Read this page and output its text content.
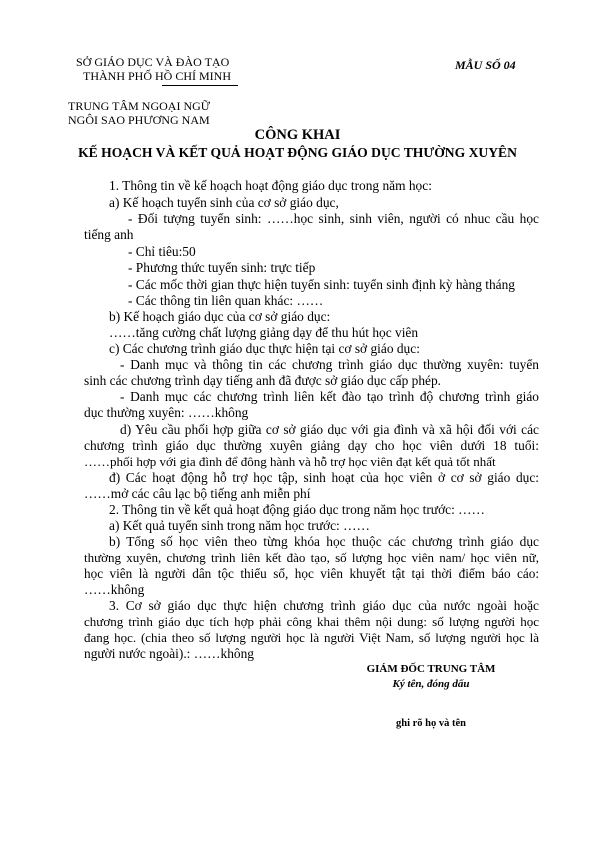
SỞ GIÁO DỤC VÀ ĐÀO TẠO
THÀNH PHỐ HỒ CHÍ MINH
MẪU SỐ 04
TRUNG TÂM NGOẠI NGỮ
NGÔI SAO PHƯƠNG NAM
CÔNG KHAI
KẾ HOẠCH VÀ KẾT QUẢ HOẠT ĐỘNG GIÁO DỤC THƯỜNG XUYÊN
1. Thông tin về kế hoạch hoạt động giáo dục trong năm học:
a) Kế hoạch tuyển sinh của cơ sở giáo dục,
- Đối tượng tuyển sinh: ……học sinh, sinh viên, người có nhuc cầu học
tiếng anh
- Chỉ tiêu:50
- Phương thức tuyển sinh: trực tiếp
- Các mốc thời gian thực hiện tuyển sinh: tuyển sinh định kỳ hàng tháng
- Các thông tin liên quan khác: ……
b) Kế hoạch giáo dục của cơ sở giáo dục:
……tăng cường chất lượng giảng dạy để thu hút học viên
c) Các chương trình giáo dục thực hiện tại cơ sở giáo dục:
- Danh mục và thông tin các chương trình giáo dục thường xuyên: tuyển
sinh các chương trình dạy tiếng anh đã được sở giáo dục cấp phép.
- Danh mục các chương trình liên kết đào tạo trình độ chương trình giáo
dục thường xuyên: ……không
d) Yêu cầu phối hợp giữa cơ sở giáo dục với gia đình và xã hội đối với các
chương trình giáo dục thường xuyên giảng dạy cho học viên dưới 18 tuổi:
……phối hợp với gia đình để đông hành và hỗ trợ học viên đạt kết quả tốt nhất
đ) Các hoạt động hỗ trợ học tập, sinh hoạt của học viên ở cơ sở giáo dục:
……mở các câu lạc bộ tiếng anh miễn phí
2. Thông tin về kết quả hoạt động giáo dục trong năm học trước: ……
a) Kết quả tuyển sinh trong năm học trước: ……
b) Tổng số học viên theo từng khóa học thuộc các chương trình giáo dục
thường xuyên, chương trình liên kết đào tạo, số lượng học viên nam/ học viên nữ,
học viên là người dân tộc thiểu số, học viên khuyết tật tại thời điểm báo cáo:
……không
3. Cơ sở giáo dục thực hiện chương trình giáo dục của nước ngoài hoặc
chương trình giáo dục tích hợp phải công khai thêm nội dung: số lượng người học
đang học. (chia theo số lượng người học là người Việt Nam, số lượng người học là
người nước ngoài).: ……không
GIÁM ĐỐC TRUNG TÂM
Ký tên, đóng dấu
ghi rõ họ và tên
